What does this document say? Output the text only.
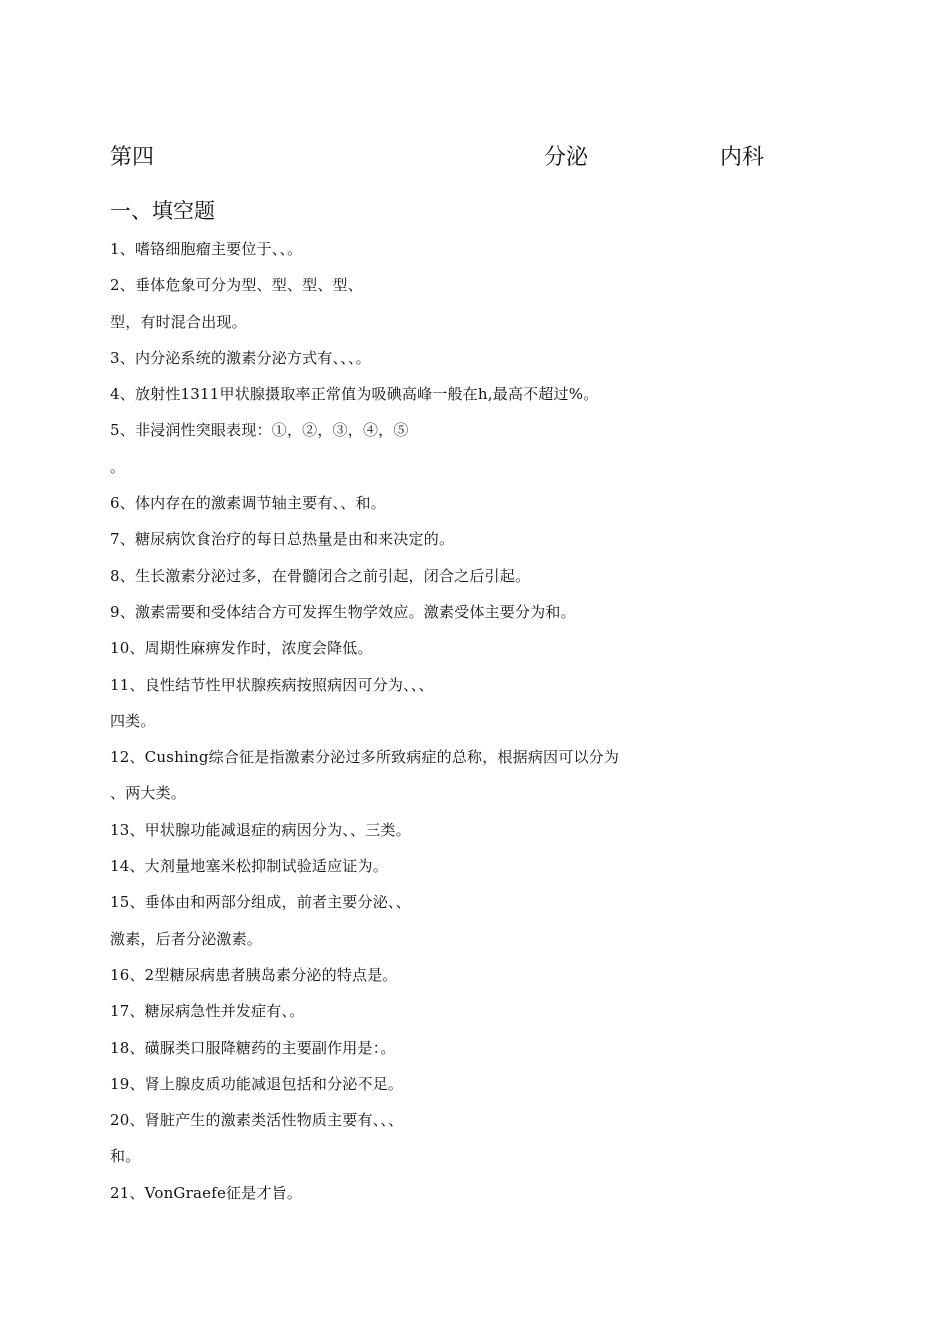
第四	分泌	内科
一、填空题
1、嗜铬细胞瘤主要位于、、。
2、垂体危象可分为型、型、型、型、
型，有时混合出现。
3、内分泌系统的激素分泌方式有、、、。
4、放射性1311甲状腺摄取率正常值为吸碘高峰一般在h,最高不超过%。
5、非浸润性突眼表现：①，②，③，④，⑤
。
6、体内存在的激素调节轴主要有、、和。
7、糖尿病饮食治疗的每日总热量是由和来决定的。
8、生长激素分泌过多，在骨髓闭合之前引起，闭合之后引起。
9、激素需要和受体结合方可发挥生物学效应。激素受体主要分为和。
10、周期性麻痹发作时，浓度会降低。
11、良性结节性甲状腺疾病按照病因可分为、、、
四类。
12、Cushing综合征是指激素分泌过多所致病症的总称，根据病因可以分为
、两大类。
13、甲状腺功能减退症的病因分为、、三类。
14、大剂量地塞米松抑制试验适应证为。
15、垂体由和两部分组成，前者主要分泌、、
激素，后者分泌激素。
16、2型糖尿病患者胰岛素分泌的特点是。
17、糖尿病急性并发症有、。
18、磺脲类口服降糖药的主要副作用是：。
19、肾上腺皮质功能减退包括和分泌不足。
20、肾脏产生的激素类活性物质主要有、、、
和。
21、VonGraefe征是才旨。
